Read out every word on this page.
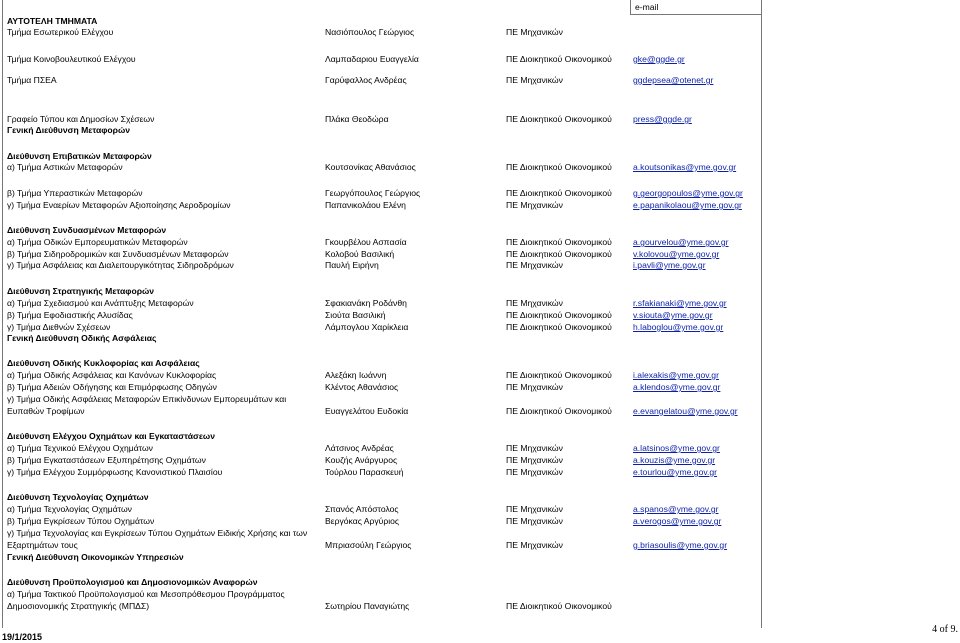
e-mail
ΑΥΤΟΤΕΛΗ ΤΜΗΜΑΤΑ
Τμήμα Εσωτερικού Ελέγχου	Νασιόπουλος Γεώργιος	ΠΕ Μηχανικών
Τμήμα Κοινοβουλευτικού Ελέγχου	Λαμπαδαριου Ευαγγελία	ΠΕ Διοικητικού Οικονομικού	gke@ggde.gr
Τμήμα ΠΣΕΑ	Γαρύφαλλος Ανδρέας	ΠΕ Μηχανικών	ggdepsea@otenet.gr
Γραφείο Τύπου και Δημοσίων Σχέσεων	Πλάκα Θεοδώρα	ΠΕ Διοικητικού Οικονομικού	press@ggde.gr
Γενική Διεύθυνση Μεταφορών
Διεύθυνση Επιβατικών Μεταφορών
α) Τμήμα Αστικών Μεταφορών	Κουτσονίκας Αθανάσιος	ΠΕ Διοικητικού Οικονομικού	a.koutsonikas@yme.gov.gr
β) Τμήμα Υπεραστικών Μεταφορών	Γεωργόπουλος Γεώργιος	ΠΕ Διοικητικού Οικονομικού	g.georgopoulos@yme.gov.gr
γ) Τμήμα Εναερίων Μεταφορών Αξιοποίησης Αεροδρομίων	Παπανικολάου Ελένη	ΠΕ Μηχανικών	e.papanikolaou@yme.gov.gr
Διεύθυνση Συνδυασμένων Μεταφορών
α) Τμήμα Οδικών Εμπορευματικών Μεταφορών	Γκουρβέλου Ασπασία	ΠΕ Διοικητικού Οικονομικού	a.gourvelou@yme.gov.gr
β) Τμήμα Σιδηροδρομικών και Συνδυασμένων Μεταφορών	Κολοβού Βασιλική	ΠΕ Διοικητικού Οικονομικού	v.kolovou@yme.gov.gr
γ) Τμήμα Ασφάλειας και Διαλειτουργικότητας Σιδηροδρόμων	Παυλή Ειρήνη	ΠΕ Μηχανικών	i.pavli@yme.gov.gr
Διεύθυνση Στρατηγικής Μεταφορών
α) Τμήμα Σχεδιασμού και Ανάπτυξης Μεταφορών	Σφακιανάκη Ροδάνθη	ΠΕ Μηχανικών	r.sfakianaki@yme.gov.gr
β) Τμήμα Εφοδιαστικής Αλυσίδας	Σιούτα Βασιλική	ΠΕ Διοικητικού Οικονομικού	v.siouta@yme.gov.gr
γ) Τμήμα Διεθνών Σχέσεων	Λάμπογλου Χαρίκλεια	ΠΕ Διοικητικού Οικονομικού	h.laboglou@yme.gov.gr
Γενική Διεύθυνση Οδικής Ασφάλειας
Διεύθυνση Οδικής Κυκλοφορίας και Ασφάλειας
α) Τμήμα Οδικής Ασφάλειας και Κανόνων Κυκλοφορίας	Αλεξάκη Ιωάννη	ΠΕ Διοικητικού Οικονομικού	i.alexakis@yme.gov.gr
β) Τμήμα Αδειών Οδήγησης και Επιμόρφωσης Οδηγών	Κλέντος Αθανάσιος	ΠΕ Μηχανικών	a.klendos@yme.gov.gr
γ) Τμήμα Οδικής Ασφάλειας Μεταφορών Επικίνδυνων Εμπορευμάτων και
Ευπαθών Τροφίμων	Ευαγγελάτου Ευδοκία	ΠΕ Διοικητικού Οικονομικού	e.evangelatou@yme.gov.gr
Διεύθυνση Ελέγχου Οχημάτων και Εγκαταστάσεων
α) Τμήμα Τεχνικού Ελέγχου Οχημάτων	Λάτσινος Ανδρέας	ΠΕ Μηχανικών	a.latsinos@yme.gov.gr
β) Τμήμα Εγκαταστάσεων Εξυπηρέτησης Οχημάτων	Κουζής Ανάργυρος	ΠΕ Μηχανικών	a.kouzis@yme.gov.gr
γ) Τμήμα Ελέγχου Συμμόρφωσης Κανονιστικού Πλαισίου	Τούρλου Παρασκευή	ΠΕ Μηχανικών	e.tourlou@yme.gov.gr
Διεύθυνση Τεχνολογίας Οχημάτων
α) Τμήμα Τεχνολογίας Οχημάτων	Σπανός Απόστολος	ΠΕ Μηχανικών	a.spanos@yme.gov.gr
β) Τμήμα Εγκρίσεων Τύπου Οχημάτων	Βεργόκας Αργύριος	ΠΕ Μηχανικών	a.verogos@yme.gov.gr
γ) Τμήμα Τεχνολογίας και Εγκρίσεων Τύπου Οχημάτων Ειδικής Χρήσης και των
Εξαρτημάτων τους	Μπριασούλη Γεώργιος	ΠΕ Μηχανικών	g.briasoulis@yme.gov.gr
Γενική Διεύθυνση Οικονομικών Υπηρεσιών
Διεύθυνση Προϋπολογισμού και Δημοσιονομικών Αναφορών
α) Τμήμα Τακτικού Προϋπολογισμού και Μεσοπρόθεσμου Προγράμματος
Δημοσιονομικής Στρατηγικής (ΜΠΔΣ)	Σωτηρίου Παναγιώτης	ΠΕ Διοικητικού Οικονομικού
19/1/2015
4 of 9.
